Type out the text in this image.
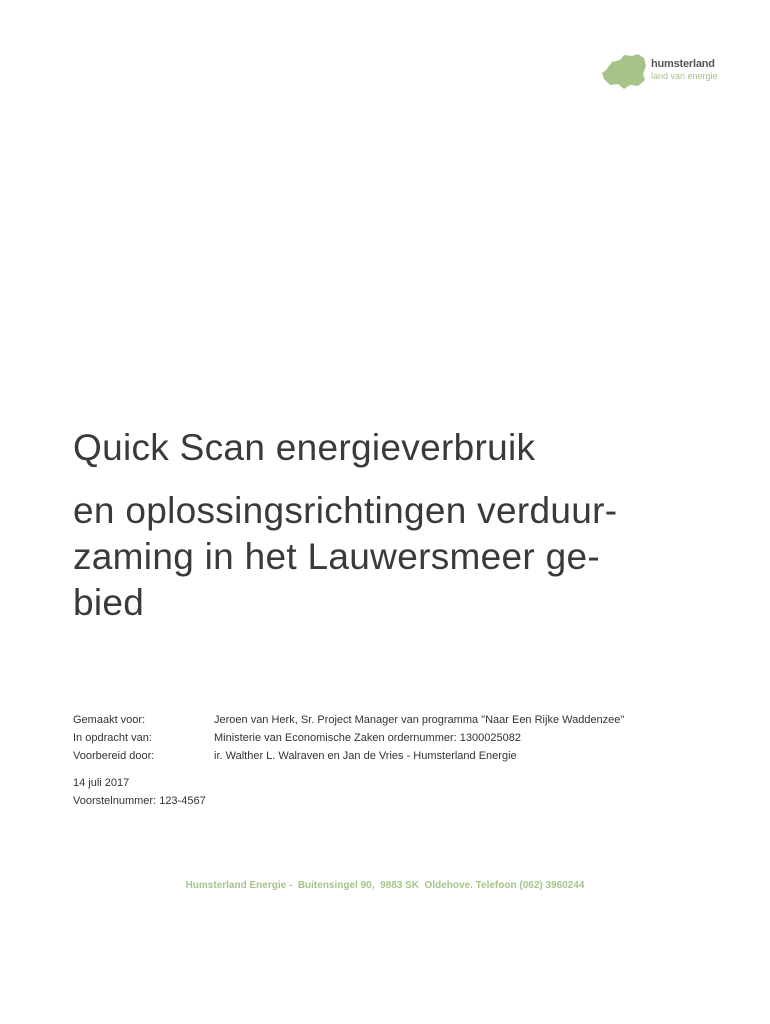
humsterland
land van energie
Quick Scan energieverbruik
en oplossingsrichtingen verduur-
zaming in het Lauwersmeer ge-
bied
Gemaakt voor:	Jeroen van Herk, Sr. Project Manager van programma "Naar Een Rijke Waddenzee"
In opdracht van:	Ministerie van Economische Zaken ordernummer: 1300025082
Voorbereid door:	ir. Walther L. Walraven en Jan de Vries - Humsterland Energie
14 juli 2017
Voorstelnummer: 123-4567
Humsterland Energie -  Buitensingel 90,  9883 SK  Oldehove. Telefoon (062) 3960244
